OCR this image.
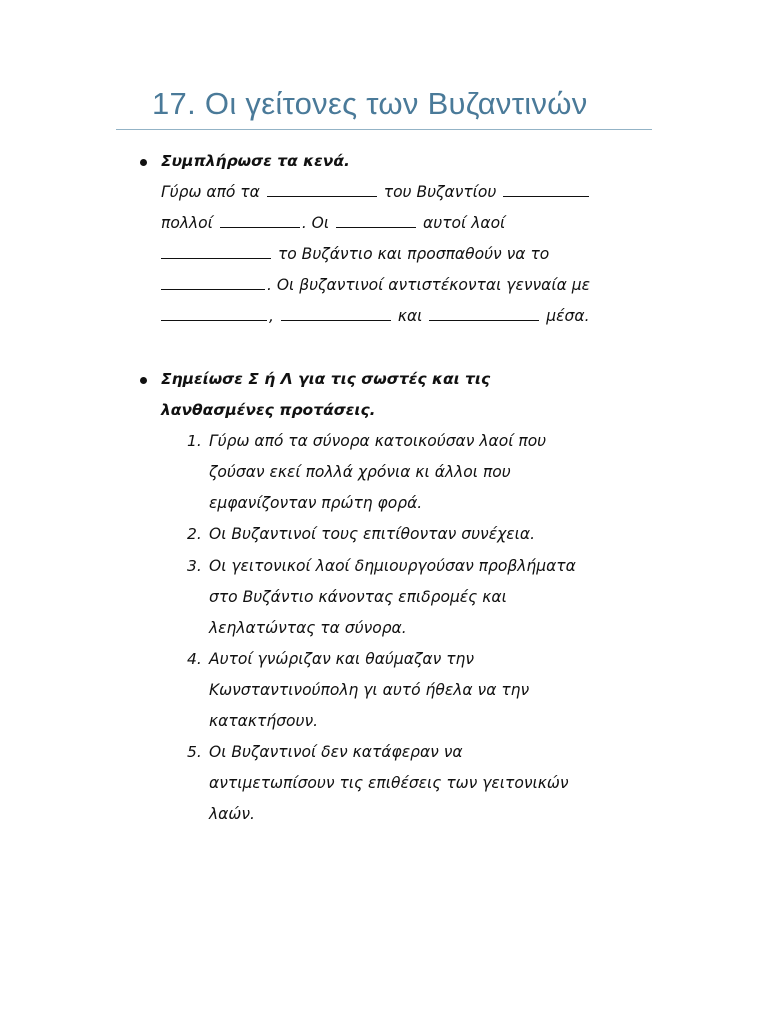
17. Οι γείτονες των Βυζαντινών
Συμπλήρωσε τα κενά.
Γύρω από τα	του Βυζαντίου
πολλοί	. Οι	αυτοί λαοί
το Βυζάντιο και προσπαθούν να το
. Οι βυζαντινοί αντιστέκονται γενναία με
,	και	μέσα.
Σημείωσε Σ ή Λ για τις σωστές και τις
λανθασμένες προτάσεις.
1. Γύρω από τα σύνορα κατοικούσαν λαοί που
ζούσαν εκεί πολλά χρόνια κι άλλοι που
εμφανίζονταν πρώτη φορά.
2. Οι Βυζαντινοί τους επιτίθονταν συνέχεια.
3. Οι γειτονικοί λαοί δημιουργούσαν προβλήματα
στο Βυζάντιο κάνοντας επιδρομές και
λεηλατώντας τα σύνορα.
4. Αυτοί γνώριζαν και θαύμαζαν την
Κωνσταντινούπολη γι αυτό ήθελα να την
κατακτήσουν.
5. Οι Βυζαντινοί δεν κατάφεραν να
αντιμετωπίσουν τις επιθέσεις των γειτονικών
λαών.
